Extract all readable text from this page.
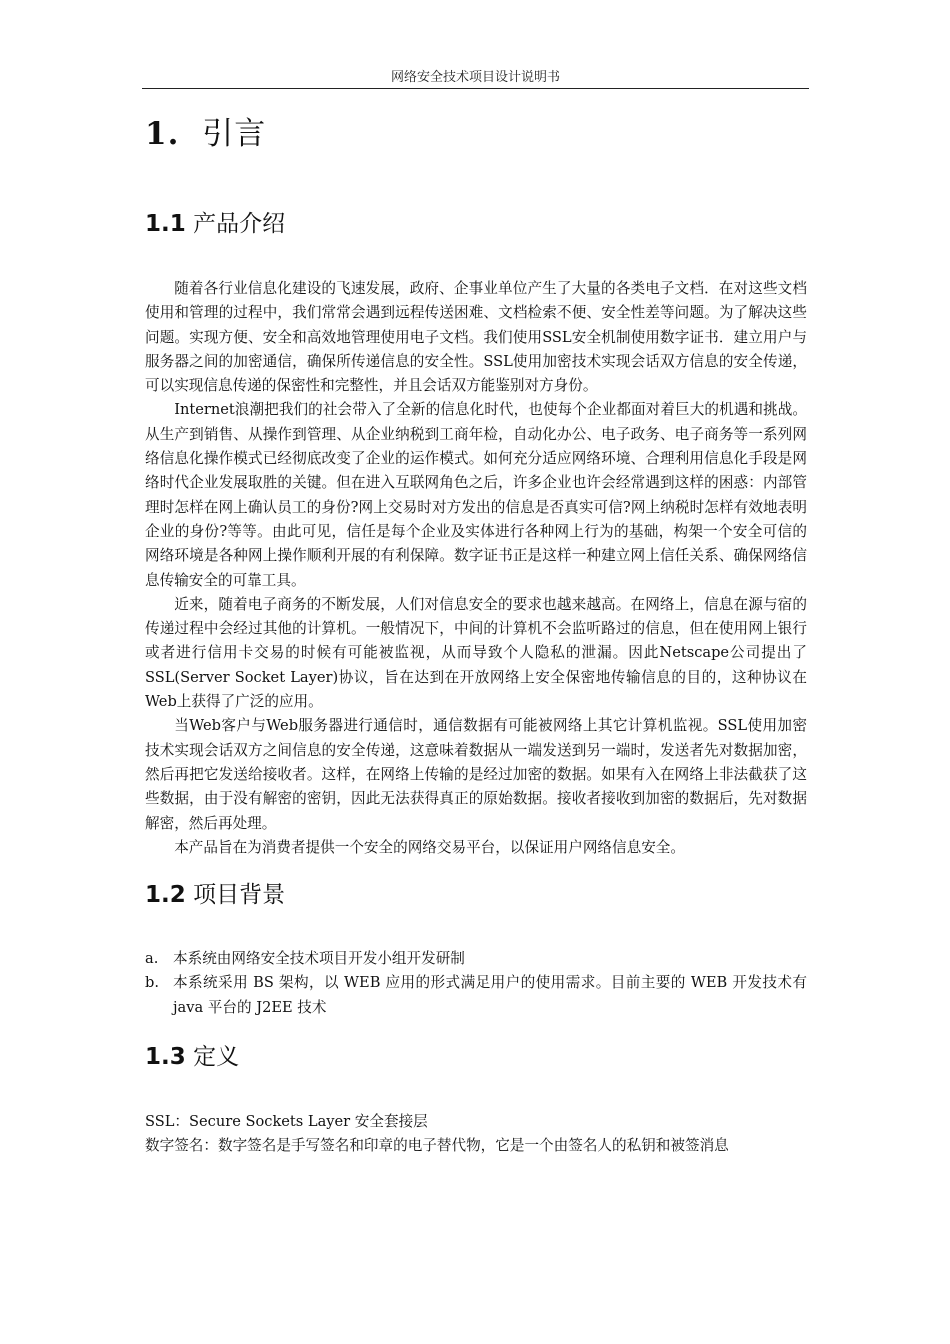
网络安全技术项目设计说明书
1. 引言
1.1 产品介绍

随着各行业信息化建设的飞速发展，政府、企事业单位产生了大量的各类电子文档．在对这些文档使用和管理的过程中，我们常常会遇到远程传送困难、文档检索不便、安全性差等问题。为了解决这些问题。实现方便、安全和高效地管理使用电子文档。我们使用SSL安全机制使用数字证书．建立用户与服务器之间的加密通信，确保所传递信息的安全性。SSL使用加密技术实现会话双方信息的安全传递，可以实现信息传递的保密性和完整性，并且会话双方能鉴别对方身份。

Internet浪潮把我们的社会带入了全新的信息化时代，也使每个企业都面对着巨大的机遇和挑战。从生产到销售、从操作到管理、从企业纳税到工商年检，自动化办公、电子政务、电子商务等一系列网络信息化操作模式已经彻底改变了企业的运作模式。如何充分适应网络环境、合理利用信息化手段是网络时代企业发展取胜的关键。但在进入互联网角色之后，许多企业也许会经常遇到这样的困惑：内部管理时怎样在网上确认员工的身份?网上交易时对方发出的信息是否真实可信?网上纳税时怎样有效地表明企业的身份?等等。由此可见，信任是每个企业及实体进行各种网上行为的基础，构架一个安全可信的网络环境是各种网上操作顺利开展的有利保障。数字证书正是这样一种建立网上信任关系、确保网络信息传输安全的可靠工具。

近来，随着电子商务的不断发展，人们对信息安全的要求也越来越高。在网络上，信息在源与宿的传递过程中会经过其他的计算机。一般情况下，中间的计算机不会监听路过的信息，但在使用网上银行或者进行信用卡交易的时候有可能被监视，从而导致个人隐私的泄漏。因此Netscape公司提出了SSL(Server Socket Layer)协议，旨在达到在开放网络上安全保密地传输信息的目的，这种协议在Web上获得了广泛的应用。

当Web客户与Web服务器进行通信时，通信数据有可能被网络上其它计算机监视。SSL使用加密技术实现会话双方之间信息的安全传递，这意味着数据从一端发送到另一端时，发送者先对数据加密，然后再把它发送给接收者。这样，在网络上传输的是经过加密的数据。如果有入在网络上非法截获了这些数据，由于没有解密的密钥，因此无法获得真正的原始数据。接收者接收到加密的数据后，先对数据解密，然后再处理。

本产品旨在为消费者提供一个安全的网络交易平台，以保证用户网络信息安全。

1.2 项目背景
a. 本系统由网络安全技术项目开发小组开发研制
b. 本系统采用 BS 架构，以 WEB 应用的形式满足用户的使用需求。目前主要的 WEB 开发技术有 java 平台的 J2EE 技术
1.3 定义

SSL：Secure Sockets Layer 安全套接层

数字签名：数字签名是手写签名和印章的电子替代物，它是一个由签名人的私钥和被签消息
